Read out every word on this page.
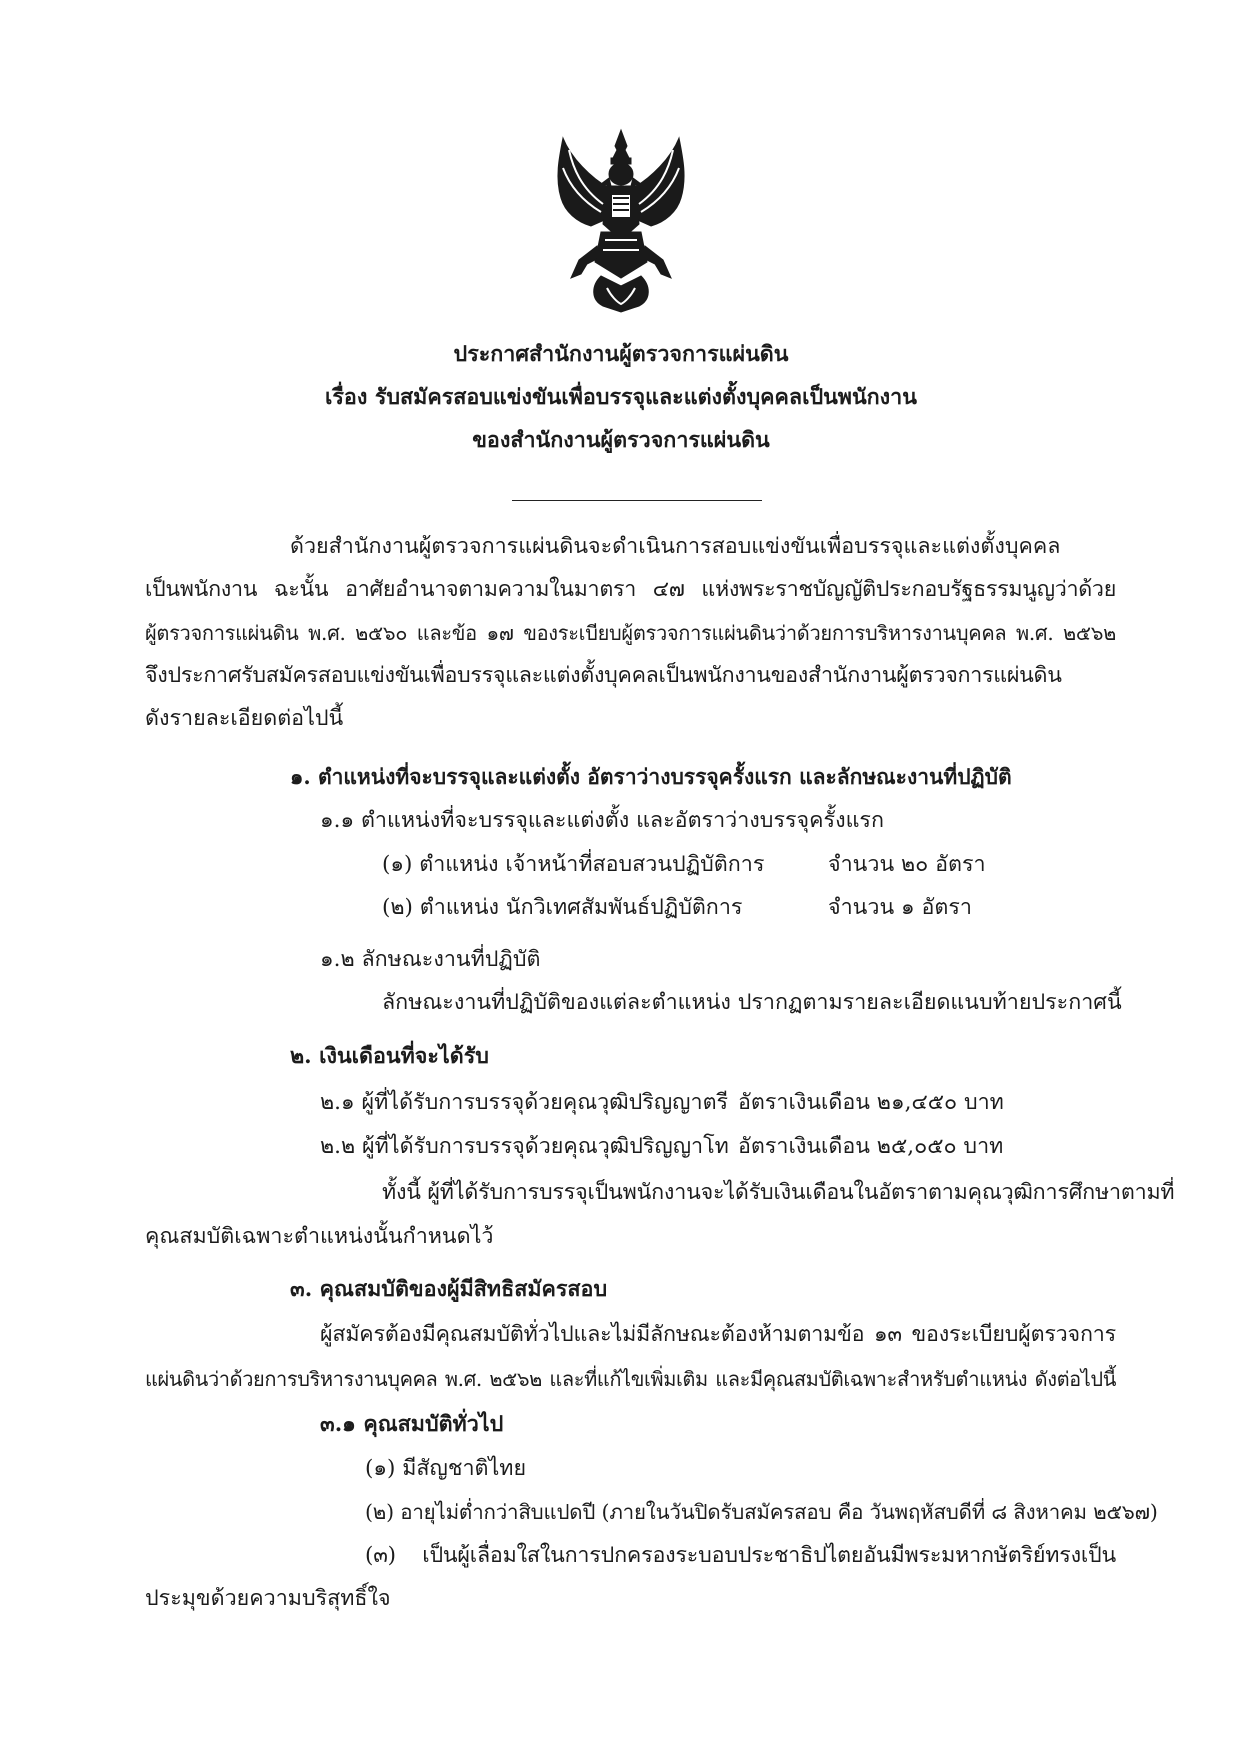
ประกาศสำนักงานผู้ตรวจการแผ่นดิน
เรื่อง รับสมัครสอบแข่งขันเพื่อบรรจุและแต่งตั้งบุคคลเป็นพนักงาน
ของสำนักงานผู้ตรวจการแผ่นดิน
ด้วยสำนักงานผู้ตรวจการแผ่นดินจะดำเนินการสอบแข่งขันเพื่อบรรจุและแต่งตั้งบุคคล
เป็นพนักงาน ฉะนั้น อาศัยอำนาจตามความในมาตรา ๔๗ แห่งพระราชบัญญัติประกอบรัฐธรรมนูญว่าด้วย
ผู้ตรวจการแผ่นดิน พ.ศ. ๒๕๖๐ และข้อ ๑๗ ของระเบียบผู้ตรวจการแผ่นดินว่าด้วยการบริหารงานบุคคล พ.ศ. ๒๕๖๒
จึงประกาศรับสมัครสอบแข่งขันเพื่อบรรจุและแต่งตั้งบุคคลเป็นพนักงานของสำนักงานผู้ตรวจการแผ่นดิน
ดังรายละเอียดต่อไปนี้
๑. ตำแหน่งที่จะบรรจุและแต่งตั้ง อัตราว่างบรรจุครั้งแรก และลักษณะงานที่ปฏิบัติ
๑.๑ ตำแหน่งที่จะบรรจุและแต่งตั้ง และอัตราว่างบรรจุครั้งแรก
(๑) ตำแหน่ง เจ้าหน้าที่สอบสวนปฏิบัติการ	จำนวน ๒๐ อัตรา
(๒) ตำแหน่ง นักวิเทศสัมพันธ์ปฏิบัติการ	จำนวน ๑ อัตรา
๑.๒ ลักษณะงานที่ปฏิบัติ
ลักษณะงานที่ปฏิบัติของแต่ละตำแหน่ง ปรากฏตามรายละเอียดแนบท้ายประกาศนี้
๒. เงินเดือนที่จะได้รับ
๒.๑ ผู้ที่ได้รับการบรรจุด้วยคุณวุฒิปริญญาตรี อัตราเงินเดือน ๒๑,๔๕๐ บาท
๒.๒ ผู้ที่ได้รับการบรรจุด้วยคุณวุฒิปริญญาโท อัตราเงินเดือน ๒๕,๐๕๐ บาท
ทั้งนี้ ผู้ที่ได้รับการบรรจุเป็นพนักงานจะได้รับเงินเดือนในอัตราตามคุณวุฒิการศึกษาตามที่
คุณสมบัติเฉพาะตำแหน่งนั้นกำหนดไว้
๓. คุณสมบัติของผู้มีสิทธิสมัครสอบ
ผู้สมัครต้องมีคุณสมบัติทั่วไปและไม่มีลักษณะต้องห้ามตามข้อ ๑๓ ของระเบียบผู้ตรวจการ
แผ่นดินว่าด้วยการบริหารงานบุคคล พ.ศ. ๒๕๖๒ และที่แก้ไขเพิ่มเติม และมีคุณสมบัติเฉพาะสำหรับตำแหน่ง ดังต่อไปนี้
๓.๑ คุณสมบัติทั่วไป
(๑) มีสัญชาติไทย
(๒) อายุไม่ต่ำกว่าสิบแปดปี (ภายในวันปิดรับสมัครสอบ คือ วันพฤหัสบดีที่ ๘ สิงหาคม ๒๕๖๗)
(๓) เป็นผู้เลื่อมใสในการปกครองระบอบประชาธิปไตยอันมีพระมหากษัตริย์ทรงเป็น
ประมุขด้วยความบริสุทธิ์ใจ
